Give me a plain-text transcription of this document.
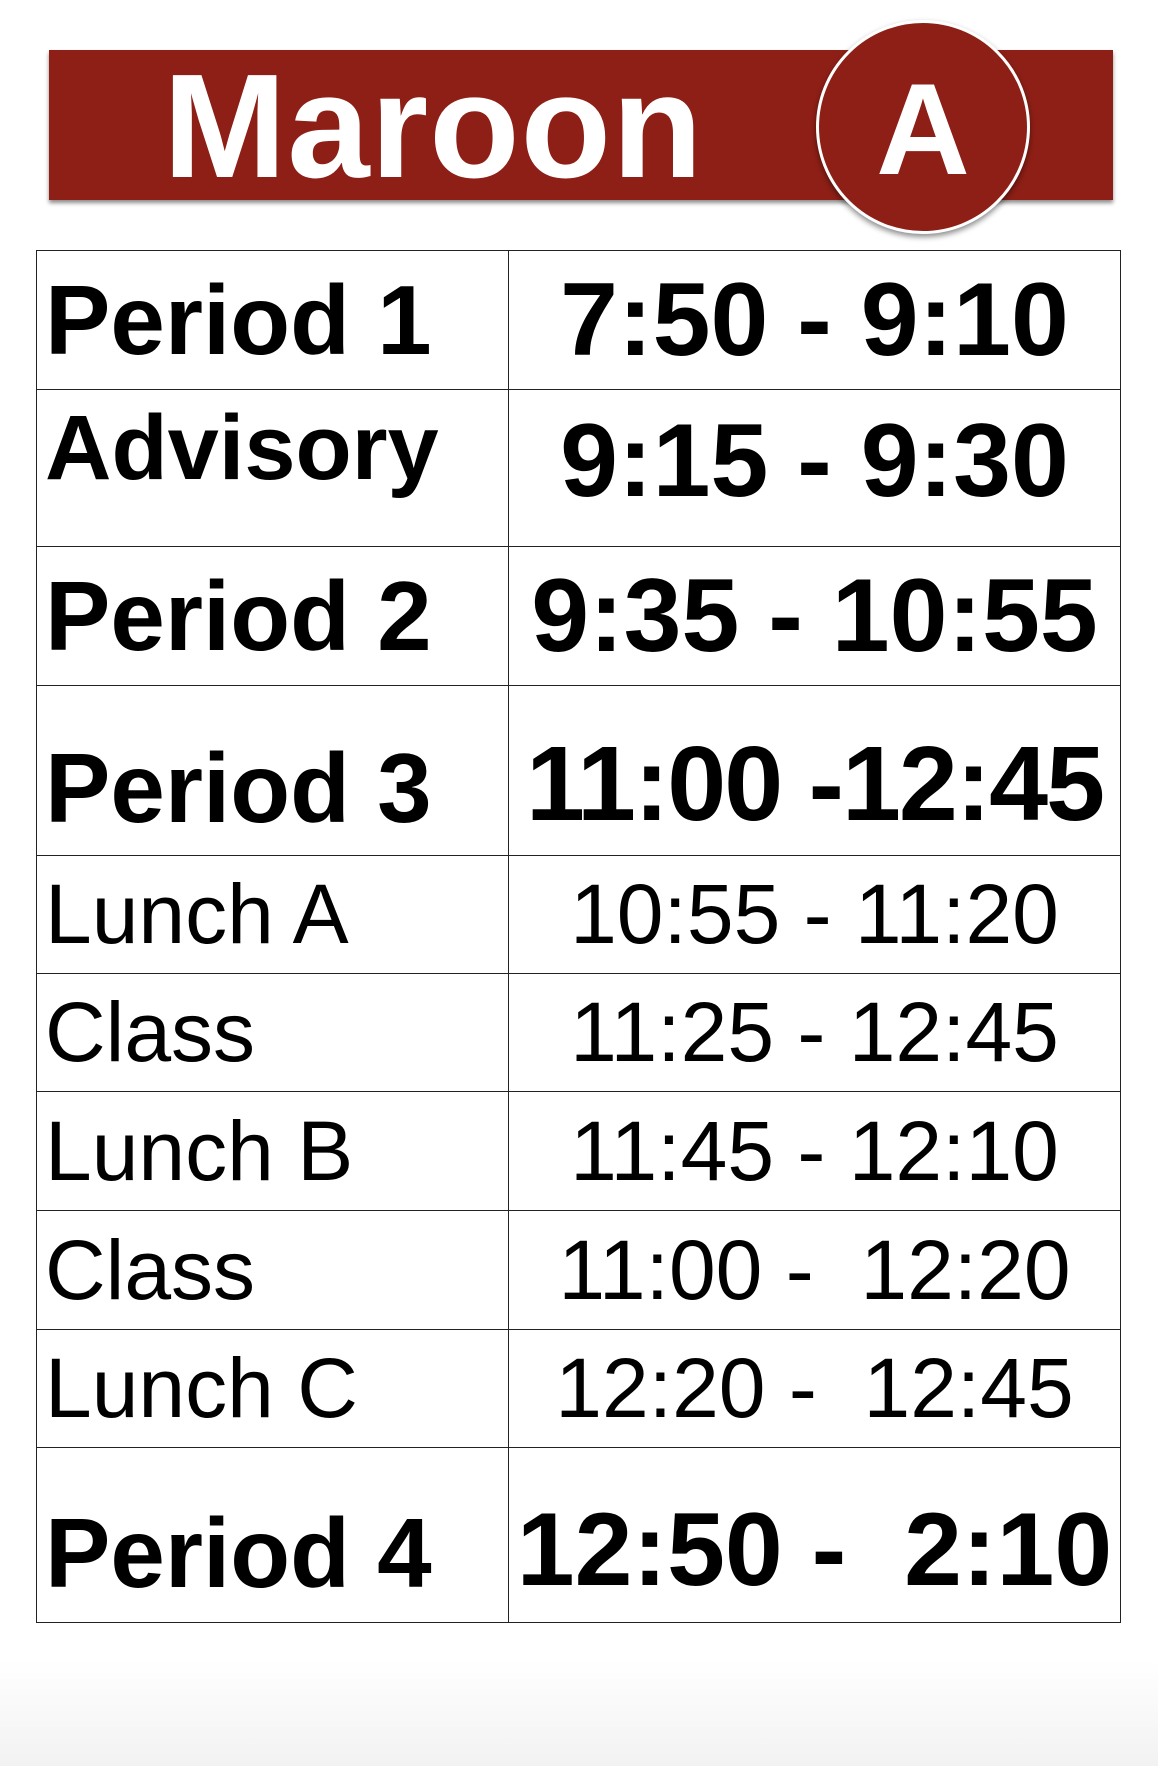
Maroon A
Period 1	7:50 - 9:10
Advisory	9:15 - 9:30
Period 2	9:35 - 10:55
Period 3	11:00 -12:45
Lunch A	10:55 - 11:20
Class	11:25 - 12:45
Lunch B	11:45 - 12:10
Class	11:00 -  12:20
Lunch C	12:20 -  12:45
Period 4	12:50 -  2:10
